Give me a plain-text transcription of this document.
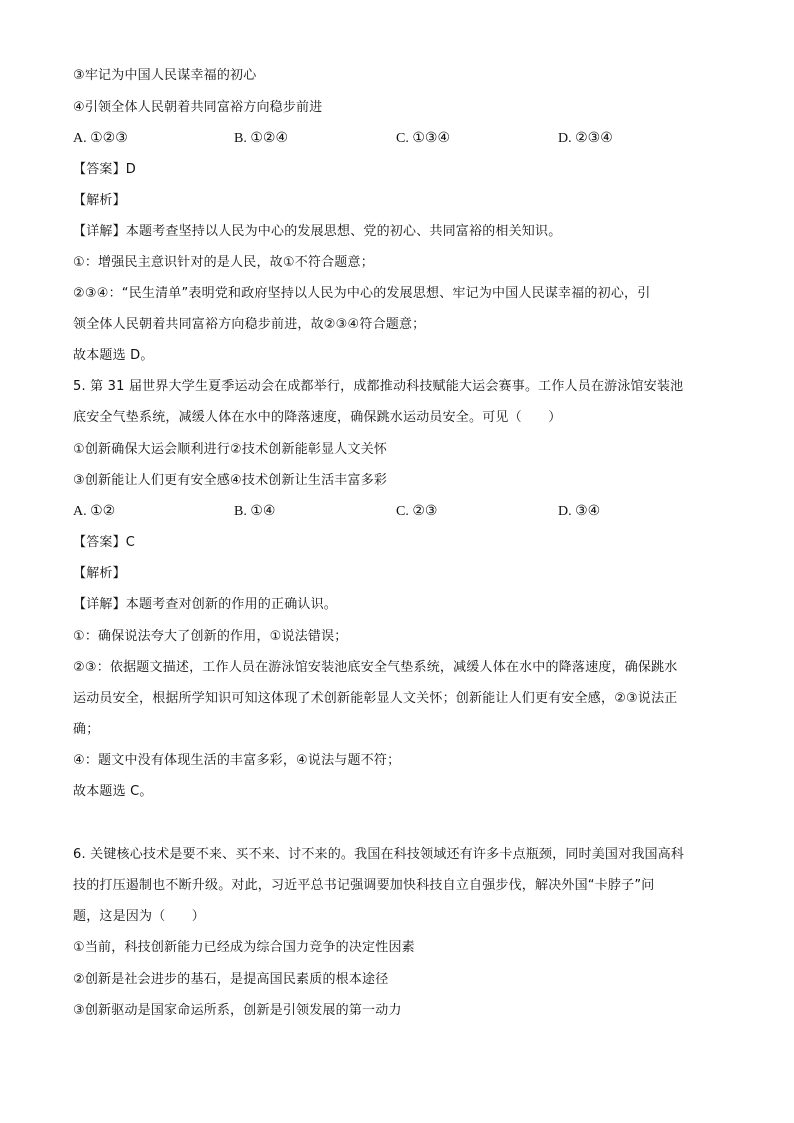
③牢记为中国人民谋幸福的初心
④引领全体人民朝着共同富裕方向稳步前进
A. ①②③	B. ①②④	C. ①③④	D. ②③④
【答案】D
【解析】
【详解】本题考查坚持以人民为中心的发展思想、党的初心、共同富裕的相关知识。
①：增强民主意识针对的是人民，故①不符合题意；
②③④：“民生清单”表明党和政府坚持以人民为中心的发展思想、牢记为中国人民谋幸福的初心，引
领全体人民朝着共同富裕方向稳步前进，故②③④符合题意；
故本题选 D。
5. 第 31 届世界大学生夏季运动会在成都举行，成都推动科技赋能大运会赛事。工作人员在游泳馆安装池
底安全气垫系统，减缓人体在水中的降落速度，确保跳水运动员安全。可见（　　）
①创新确保大运会顺利进行②技术创新能彰显人文关怀
③创新能让人们更有安全感④技术创新让生活丰富多彩
A. ①②	B. ①④	C. ②③	D. ③④
【答案】C
【解析】
【详解】本题考查对创新的作用的正确认识。
①：确保说法夸大了创新的作用，①说法错误；
②③：依据题文描述，工作人员在游泳馆安装池底安全气垫系统，减缓人体在水中的降落速度，确保跳水
运动员安全，根据所学知识可知这体现了术创新能彰显人文关怀；创新能让人们更有安全感，②③说法正
确；
④：题文中没有体现生活的丰富多彩，④说法与题不符；
故本题选 C。
6. 关键核心技术是要不来、买不来、讨不来的。我国在科技领域还有许多卡点瓶颈，同时美国对我国高科
技的打压遏制也不断升级。对此，习近平总书记强调要加快科技自立自强步伐，解决外国“卡脖子”问
题，这是因为（　　）
①当前，科技创新能力已经成为综合国力竞争的决定性因素
②创新是社会进步的基石，是提高国民素质的根本途径
③创新驱动是国家命运所系，创新是引领发展的第一动力
